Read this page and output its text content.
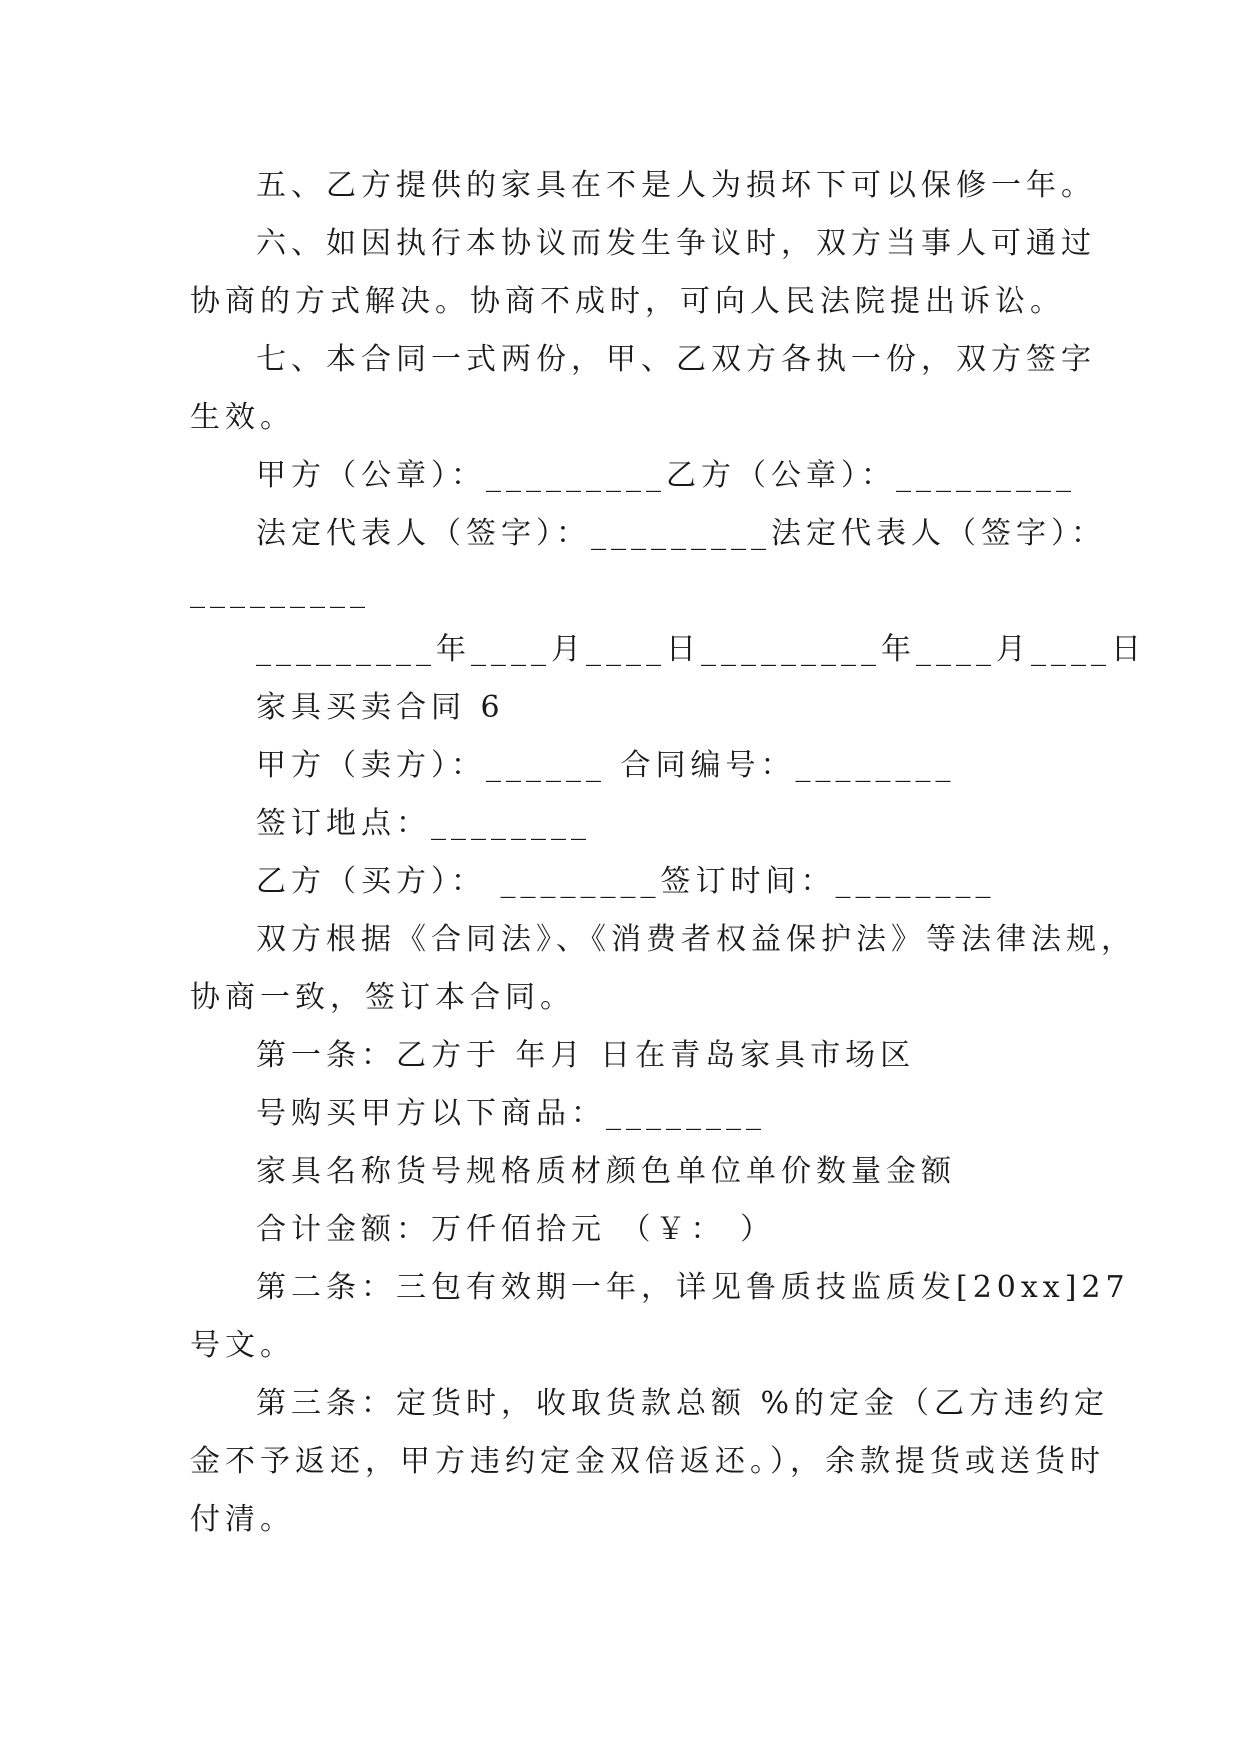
五、乙方提供的家具在不是人为损坏下可以保修一年。
六、如因执行本协议而发生争议时，双方当事人可通过
协商的方式解决。协商不成时，可向人民法院提出诉讼。
七、本合同一式两份，甲、乙双方各执一份，双方签字
生效。
甲方（公章）：_________乙方（公章）：_________
法定代表人（签字）：_________法定代表人（签字）：
_________
_________年____月____日_________年____月____日
家具买卖合同 6
甲方（卖方）：______ 合同编号：________
签订地点：________
乙方（买方）： ________签订时间：________
双方根据《合同法》、《消费者权益保护法》等法律法规，
协商一致，签订本合同。
第一条：乙方于 年月 日在青岛家具市场区
号购买甲方以下商品：________
家具名称货号规格质材颜色单位单价数量金额
合计金额：万仟佰拾元 （￥： ）
第二条：三包有效期一年，详见鲁质技监质发[20xx]27
号文。
第三条：定货时，收取货款总额 %的定金（乙方违约定
金不予返还，甲方违约定金双倍返还。），余款提货或送货时
付清。
